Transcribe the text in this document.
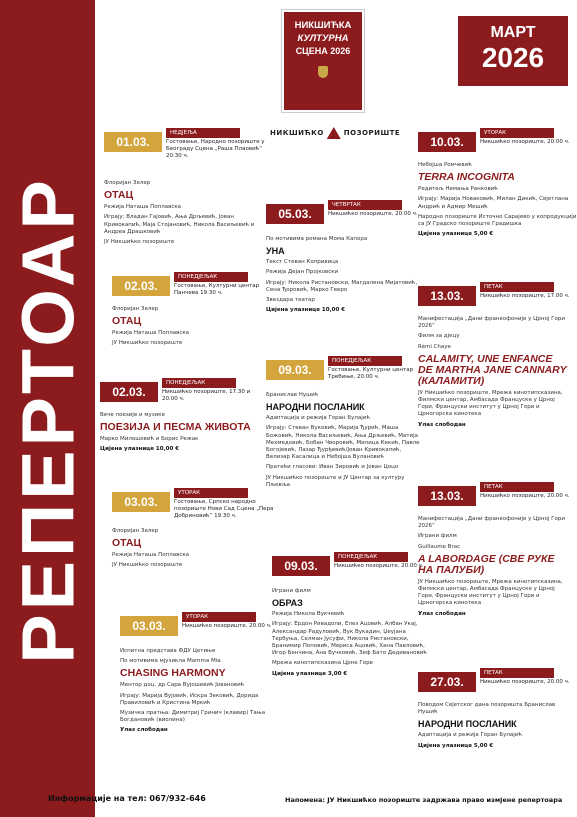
РЕПЕРТОАР
НИКШИЋКА
КУЛТУРНА
СЦЕНА 2026
МАРТ
2026
НИКШИЋКО	ПОЗОРИШТЕ
01.03.
НЕДЈЕЉА
Гостовање, Народно позориште у Београду Сцена „Раша Плаовић“ 20.30 ч.

Флоријан Зелер

ОТАЦ

Режија Наташа Поплавска

Играју: Владан Гајовић, Ања Дрљевић, Јован Кривокапић, Маја Стојановић, Никола Васиљевић и Андреа Драшковић

ЈУ Никшићко позориште

02.03.
ПОНЕДЈЕЉАК
Гостовање, Културни центар Панчева 19.30 ч.

Флоријан Зелер

ОТАЦ

Режија Наташа Поплавска

ЈУ Никшићко позориште

02.03.
ПОНЕДЈЕЉАК
Никшићко позориште, 17.30 и 20.00 ч.

Вече поезије и музике

ПОЕЗИЈА И ПЕСМА ЖИВОТА

Марко Милошевић и Борис Режак

Цијена улазнице 10,00 €

03.03.
УТОРАК
Гостовање, Српско народно позориште Нови Сад Сцена „Пера Добриновић“ 19.30 ч.

Флоријан Зелер

ОТАЦ

Режија Наташа Поплавска

ЈУ Никшићко позориште

03.03.
УТОРАК
Никшићко позориште, 20.00 ч.

Испитна представа ФДУ Цетиње

По мотивима мјузикла Mamma Mia

CHASING HARMONY

Ментор доц. др Сара Вујошевић Јовановић

Играју: Марија Вујовић, Искра Зековић, Дорида Правиловић и Кристина Мркић

Музичка пратња: Димитриј Гринич (клавир) Тања Богдановић (виолина)

Улаз слободан

05.03.
ЧЕТВРТАК
Никшићко позориште, 20.00 ч.

По мотивима романа Мома Капора

УНА

Текст Стеван Копривица

Режија Дејан Пројковски

Играју: Никола Ристановски, Магдалена Мијатовић, Сена Ђоровић, Марко Гверо

Звездара театар

Цијена улазнице 10,00 €

09.03.
ПОНЕДЈЕЉАК
Гостовање, Културни центар Требиње, 20.00 ч.

Бранислав Нушић

НАРОДНИ ПОСЛАНИК

Адаптација и режија Горан Булајић

Играју: Стеван Вуковић, Марија Ђурић, Маша Божовић, Никола Васиљевић, Ања Дрљевић, Матија Мехмедовић, Бобан Чворовић, Милица Кекић, Павле Богојевић, Лазар Ђурђевић/Јован Кривокапић, Велизар Касалица и Небојша Вулановић

Пратећи гласови: Иван Зировић и Јован Цоцо

ЈУ Никшићко позориште и ЈУ Центар за културу Пљевља

09.03.
ПОНЕДЈЕЉАК
Никшићко позориште, 20.00 ч.

Играни филм

ОБРАЗ

Режија Никола Вукчевић

Играју: Ердон Ривадоли, Елез Ацовић, Албан Укај, Александар Радуловић, Вук Вукадин, Џеујана Тербуња, Селман Јусуфи, Никола Ристановски, Бранимир Поповић, Мериса Ацовић, Хана Павловић, Игор Бенчина, Ана Вучковић, Зеф Бато Дедивановић

Мрежа кинотипсказина Црне Горе

Цијена улазнице 3,00 €

10.03.
УТОРАК
Никшићко позориште, 20.00 ч.

Небојша Ромчевић

TERRA INCOGNITA

Редитељ Немања Ранковић

Играју: Марија Новаковић, Милан Дикић, Свјетлана Андрић и Адмир Мешић

Народно позориште Источно Сарајево у копродукцији са ЈУ Градско позориште Градишка

Цијена улазнице 5,00 €

13.03.
ПЕТАК
Никшићко позориште, 17.00 ч.

Манифестација „Дани франкофоније у Црној Гори 2026“

Филм за дјецу

Rémi Chaye

CALAMITY, UNE ENFANCE DE MARTHA JANE CANNARY (КАЛАМИТИ)

ЈУ Никшићко позориште, Мрежа кинотипсказина, Филмски центар, Амбасада Француске у Црној Гори, Француски институт у Црној Гори и Црногорска кинотека

Улаз слободан

13.03.
ПЕТАК
Никшићко позориште, 20.00 ч.

Манифестација „Дани франкофоније у Црној Гори 2026“

Играни филм

Guillaume Brac

A LABORDAGE (СВЕ РУКЕ НА ПАЛУБИ)

ЈУ Никшићко позориште, Мрежа кинотипсказина, Филмски центар, Амбасада Француске у Црној Гори, Француски институт у Црној Гори и Црногорска кинотека

Улаз слободан

27.03.
ПЕТАК
Никшићко позориште, 20.00 ч.

Поводом Свјетског дана позоришта Бранислав Нушић

НАРОДНИ ПОСЛАНИК

Адаптација и режија Горан Булајић

Цијена улазнице 5,00 €

Информације на тел: 067/932-646	Напомена: ЈУ Никшићко позориште задржава право измјене репертоара
